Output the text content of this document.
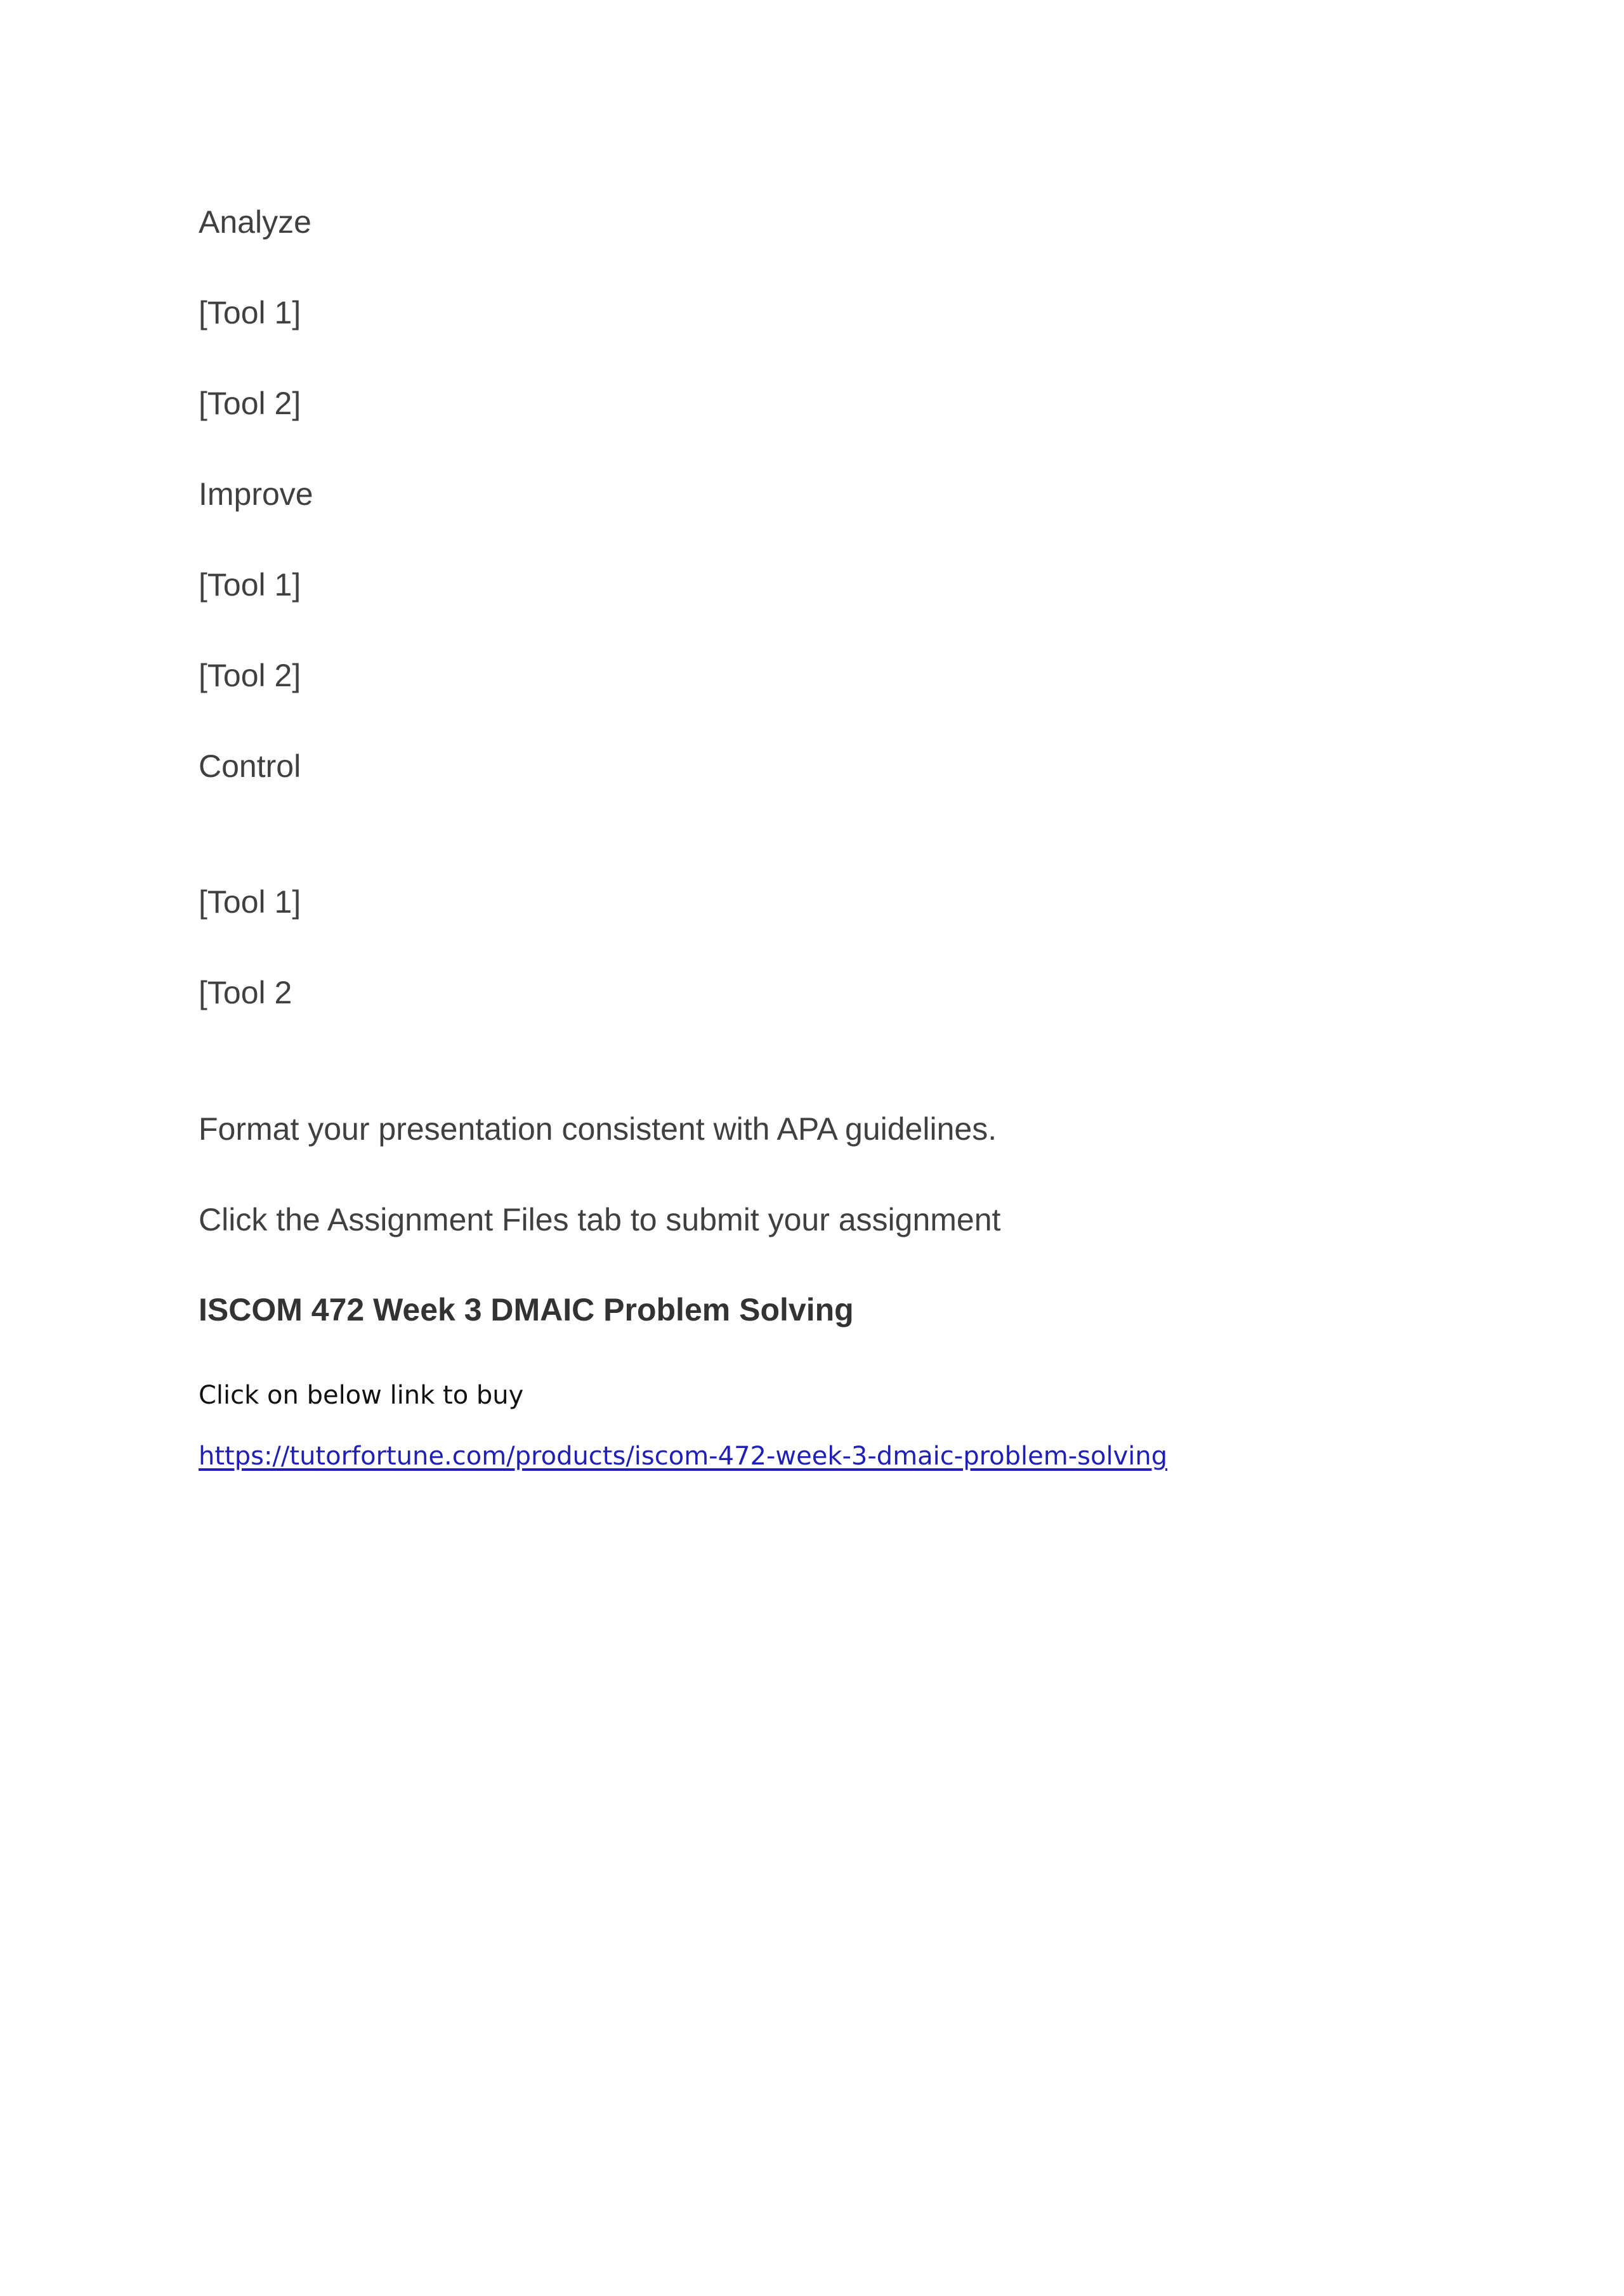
Analyze

[Tool 1]

[Tool 2]

Improve

[Tool 1]

[Tool 2]

Control

[Tool 1]

[Tool 2

Format your presentation consistent with APA guidelines.

Click the Assignment Files tab to submit your assignment

ISCOM 472 Week 3 DMAIC Problem Solving

Click on below link to buy

https://tutorfortune.com/products/iscom-472-week-3-dmaic-problem-solving
